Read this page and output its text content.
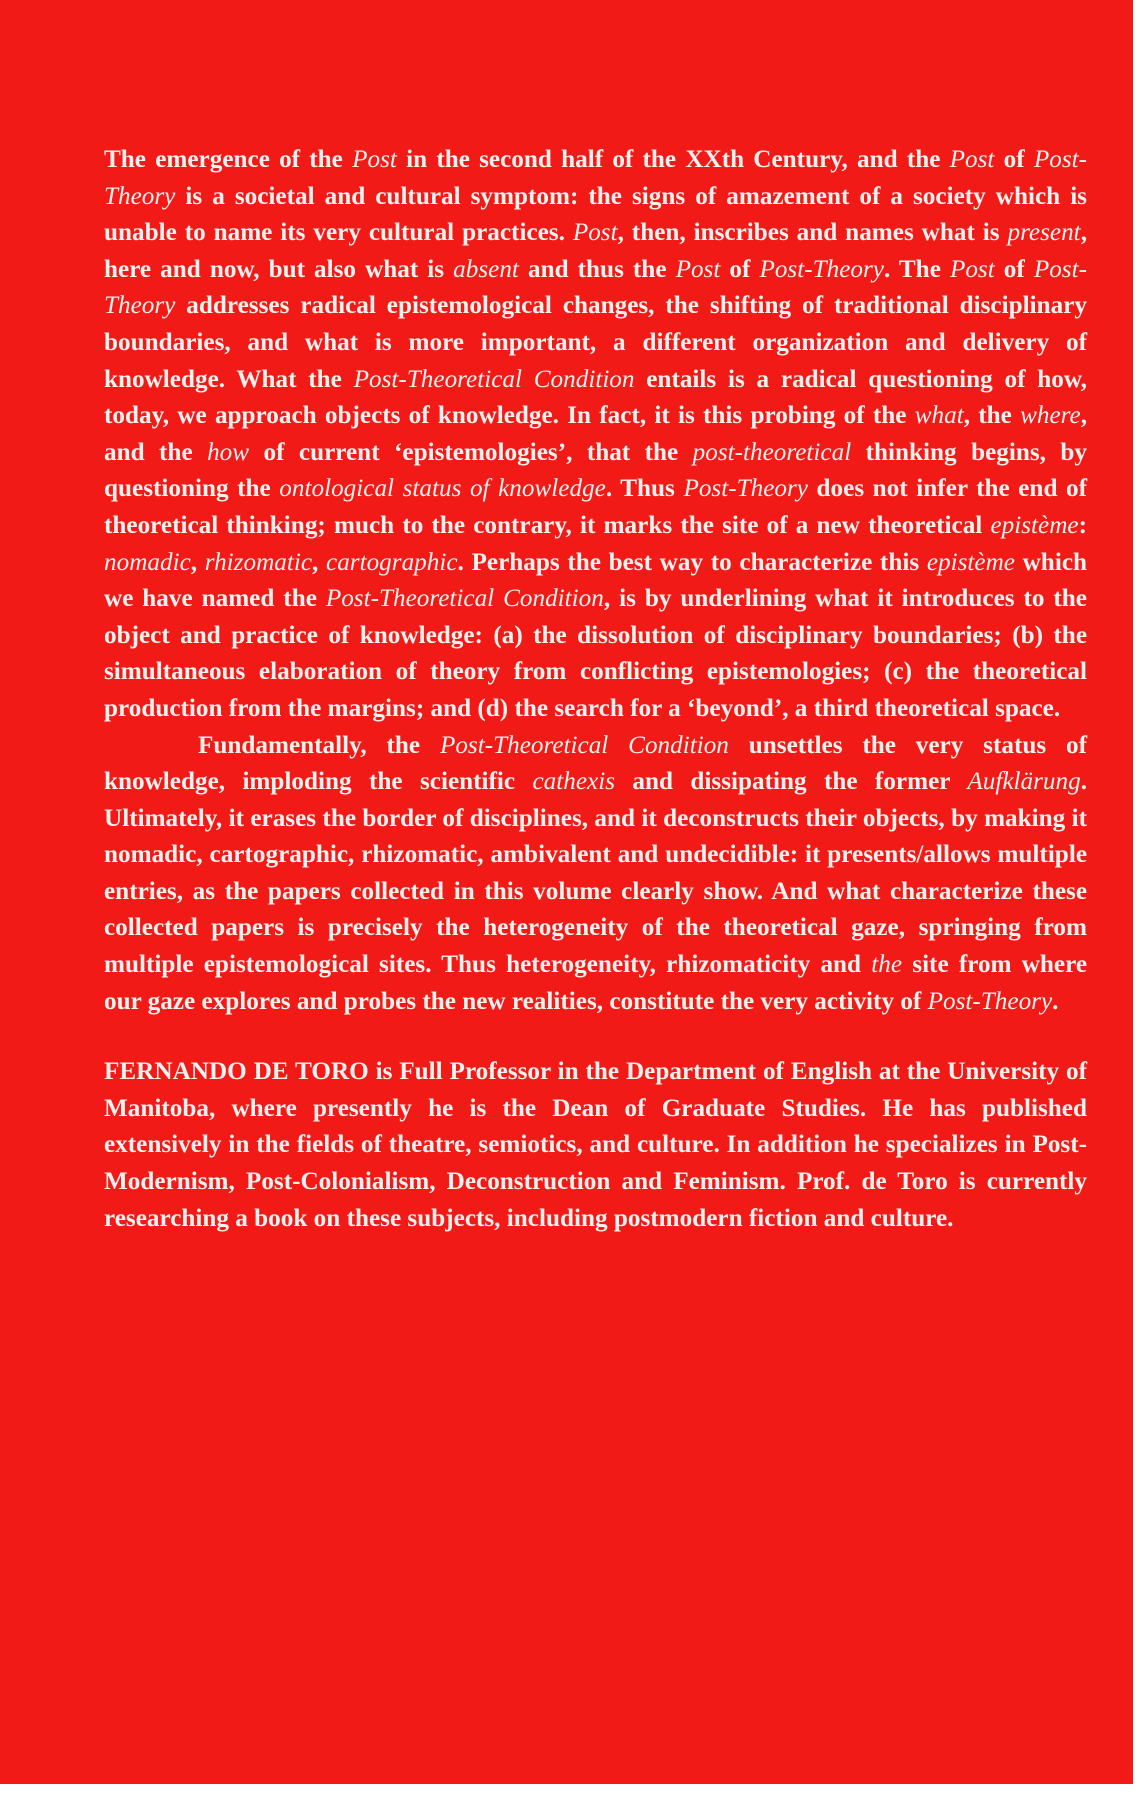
The emergence of the Post in the second half of the XXth Century, and the Post of Post-Theory is a societal and cultural symptom: the signs of amazement of a society which is unable to name its very cultural practices. Post, then, inscribes and names what is present, here and now, but also what is absent and thus the Post of Post-Theory. The Post of Post-Theory addresses radical epistemological changes, the shifting of traditional disciplinary boundaries, and what is more important, a different organization and delivery of knowledge. What the Post-Theoretical Condition entails is a radical questioning of how, today, we approach objects of knowledge. In fact, it is this probing of the what, the where, and the how of current ‘epistemologies’, that the post-theoretical thinking begins, by questioning the ontological status of knowledge. Thus Post-Theory does not infer the end of theoretical thinking; much to the contrary, it marks the site of a new theoretical epistème: nomadic, rhizomatic, cartographic. Perhaps the best way to characterize this epistème which we have named the Post-Theoretical Condition, is by underlining what it introduces to the object and practice of knowledge: (a) the dissolution of disciplinary boundaries; (b) the simultaneous elaboration of theory from conflicting epistemologies; (c) the theoretical production from the margins; and (d) the search for a ‘beyond’, a third theoretical space.

Fundamentally, the Post-Theoretical Condition unsettles the very status of knowledge, imploding the scientific cathexis and dissipating the former Aufklärung. Ultimately, it erases the border of disciplines, and it deconstructs their objects, by making it nomadic, cartographic, rhizomatic, ambivalent and undecidible: it presents/allows multiple entries, as the papers collected in this volume clearly show. And what characterize these collected papers is precisely the heterogeneity of the theoretical gaze, springing from multiple epistemological sites. Thus heterogeneity, rhizomaticity and the site from where our gaze explores and probes the new realities, constitute the very activity of Post-Theory.

FERNANDO DE TORO is Full Professor in the Department of English at the University of Manitoba, where presently he is the Dean of Graduate Studies. He has published extensively in the fields of theatre, semiotics, and culture. In addition he specializes in Post-Modernism, Post-Colonialism, Deconstruction and Feminism. Prof. de Toro is currently researching a book on these subjects, including postmodern fiction and culture.
